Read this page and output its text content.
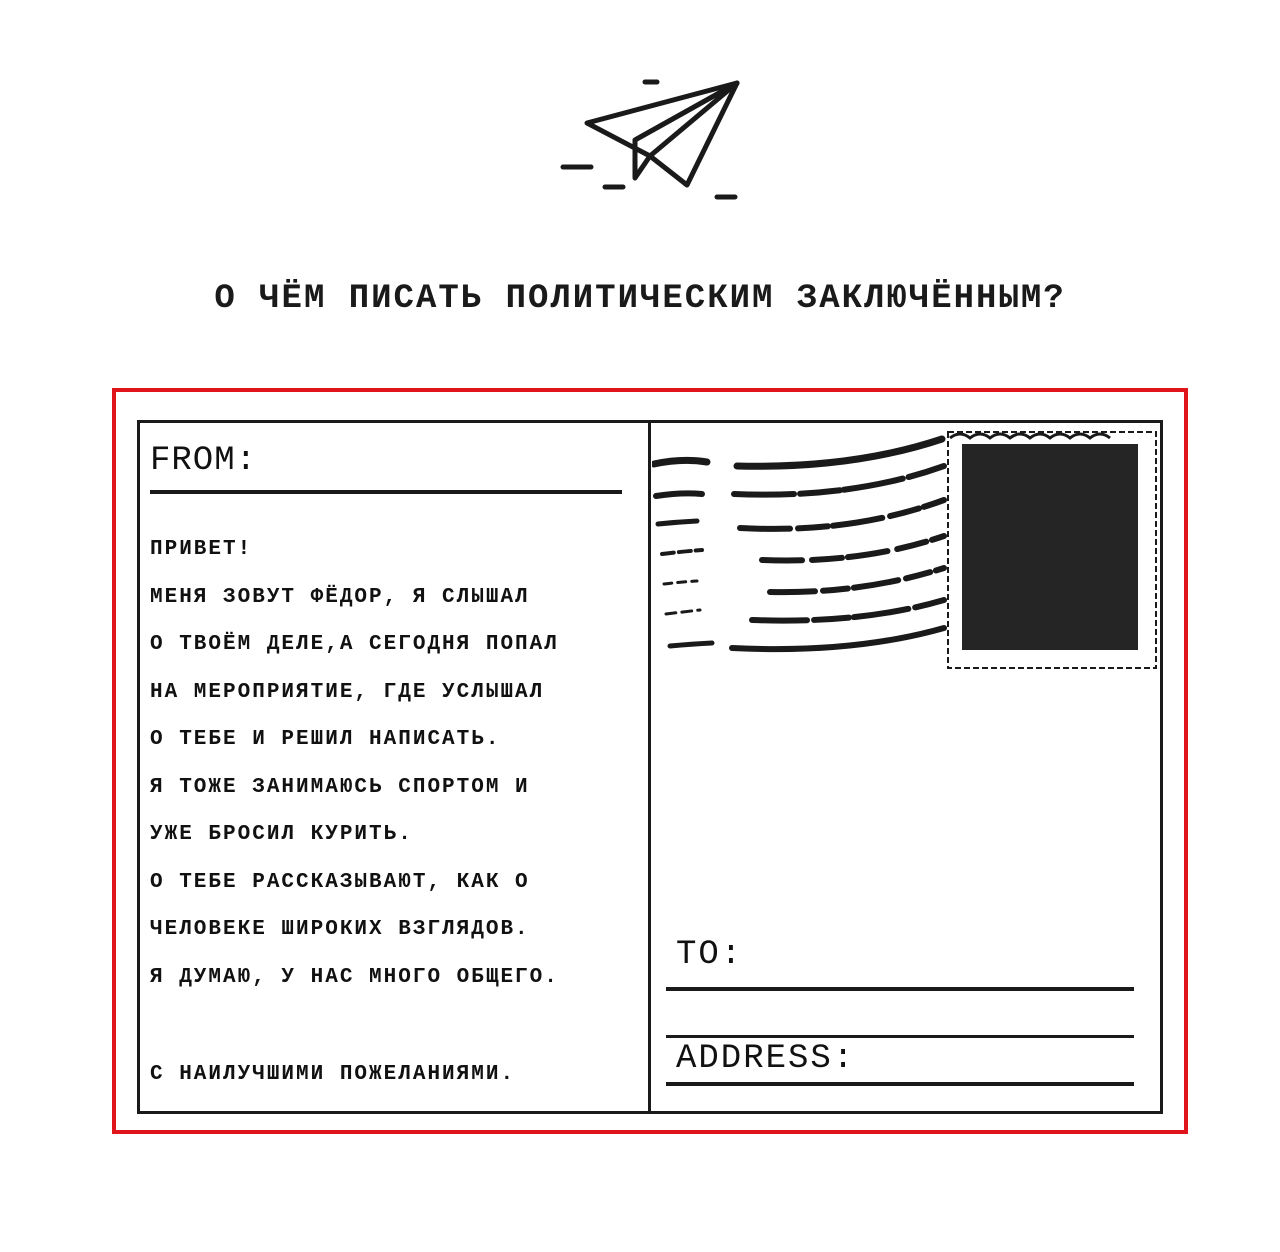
О ЧЁМ ПИСАТЬ ПОЛИТИЧЕСКИМ ЗАКЛЮЧЁННЫМ?
FROM:
ПРИВЕТ!
МЕНЯ ЗОВУТ ФЁДОР, Я СЛЫШАЛ
О ТВОЁМ ДЕЛЕ,А СЕГОДНЯ ПОПАЛ
НА МЕРОПРИЯТИЕ, ГДЕ УСЛЫШАЛ
О ТЕБЕ И РЕШИЛ НАПИСАТЬ.
Я ТОЖЕ ЗАНИМАЮСЬ СПОРТОМ И
УЖЕ БРОСИЛ КУРИТЬ.
О ТЕБЕ РАССКАЗЫВАЮТ, КАК О
ЧЕЛОВЕКЕ ШИРОКИХ ВЗГЛЯДОВ.
Я ДУМАЮ, У НАС МНОГО ОБЩЕГО.
С НАИЛУЧШИМИ ПОЖЕЛАНИЯМИ.
TO:
ADDRESS:
